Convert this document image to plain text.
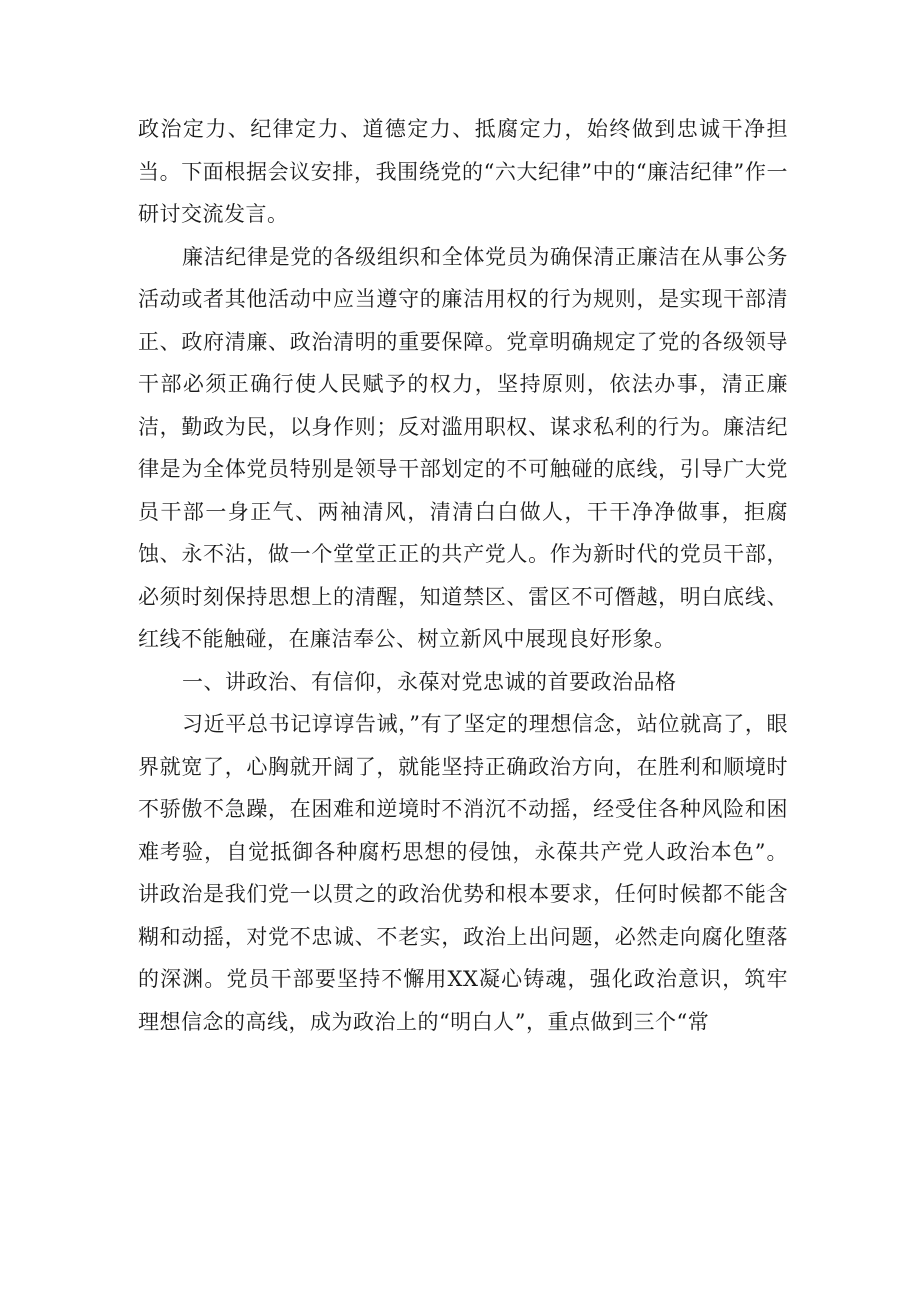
政治定力、纪律定力、道德定力、抵腐定力，始终做到忠诚干净担当。下面根据会议安排，我围绕党的“六大纪律”中的“廉洁纪律”作一研讨交流发言。

廉洁纪律是党的各级组织和全体党员为确保清正廉洁在从事公务活动或者其他活动中应当遵守的廉洁用权的行为规则，是实现干部清正、政府清廉、政治清明的重要保障。党章明确规定了党的各级领导干部必须正确行使人民赋予的权力，坚持原则，依法办事，清正廉洁，勤政为民，以身作则；反对滥用职权、谋求私利的行为。廉洁纪律是为全体党员特别是领导干部划定的不可触碰的底线，引导广大党员干部一身正气、两袖清风，清清白白做人，干干净净做事，拒腐蚀、永不沾，做一个堂堂正正的共产党人。作为新时代的党员干部，必须时刻保持思想上的清醒，知道禁区、雷区不可僭越，明白底线、红线不能触碰，在廉洁奉公、树立新风中展现良好形象。

一、讲政治、有信仰，永葆对党忠诚的首要政治品格

习近平总书记谆谆告诫，”有了坚定的理想信念，站位就高了，眼界就宽了，心胸就开阔了，就能坚持正确政治方向，在胜利和顺境时不骄傲不急躁，在困难和逆境时不消沉不动摇，经受住各种风险和困难考验，自觉抵御各种腐朽思想的侵蚀，永葆共产党人政治本色”。讲政治是我们党一以贯之的政治优势和根本要求，任何时候都不能含糊和动摇，对党不忠诚、不老实，政治上出问题，必然走向腐化堕落的深渊。党员干部要坚持不懈用XX凝心铸魂，强化政治意识，筑牢理想信念的高线，成为政治上的“明白人”，重点做到三个“常
